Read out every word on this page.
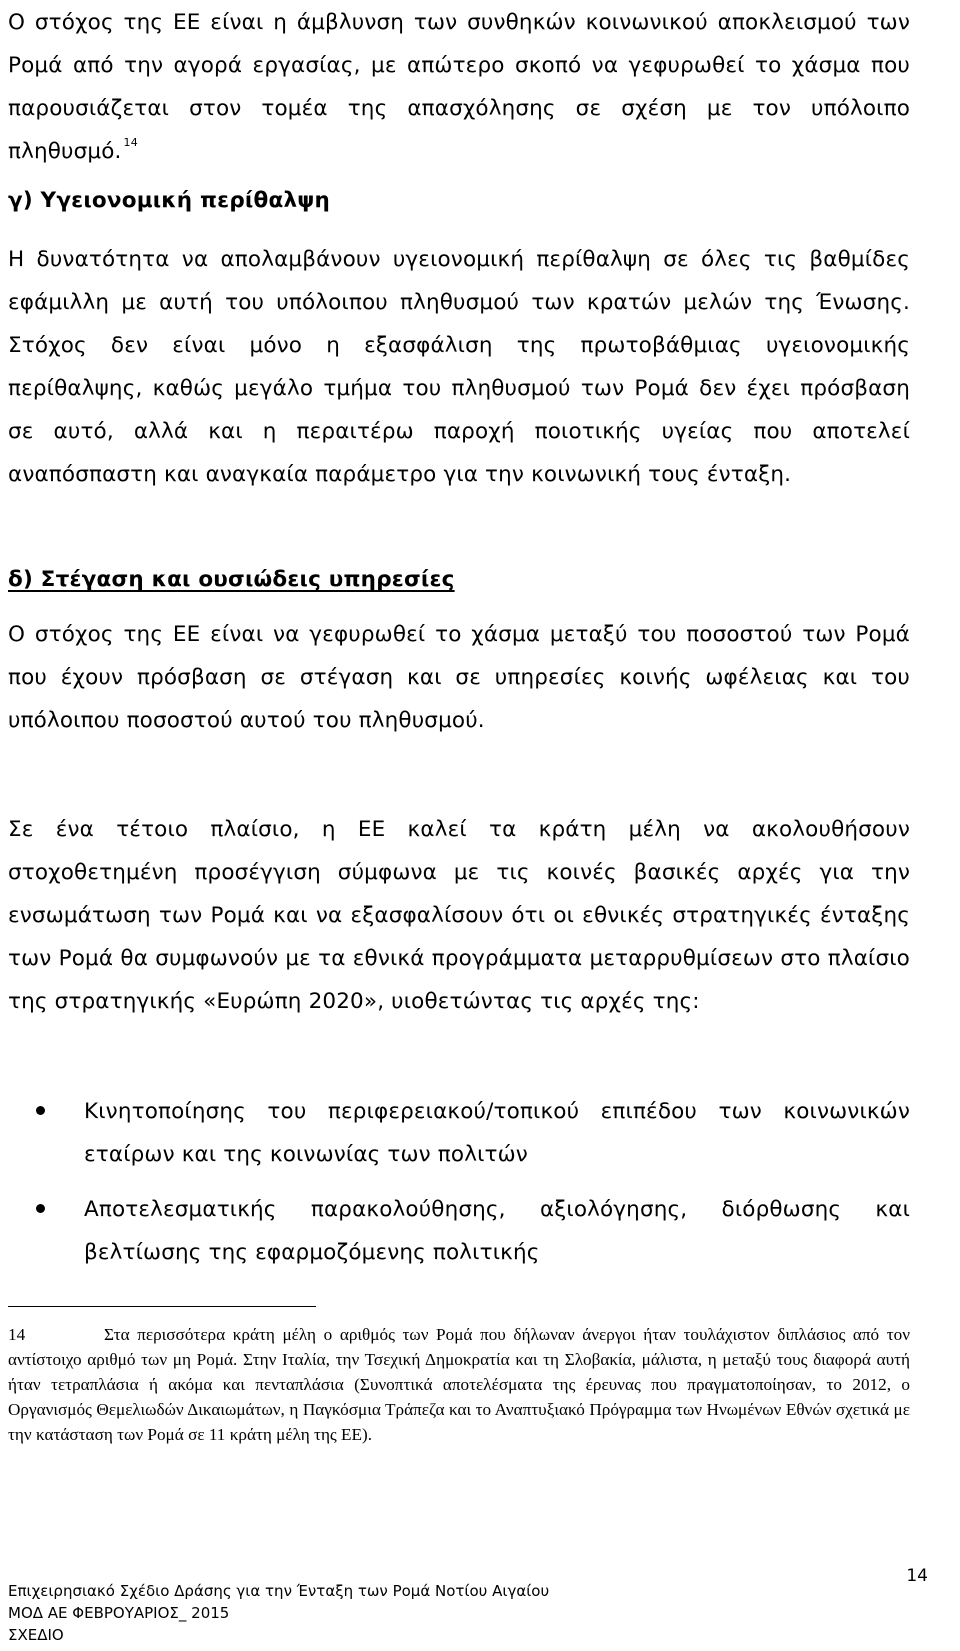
Ο στόχος της ΕΕ είναι η άμβλυνση των συνθηκών κοινωνικού αποκλεισμού των Ρομά από την αγορά εργασίας, με απώτερο σκοπό να γεφυρωθεί το χάσμα που παρουσιάζεται στον τομέα της απασχόλησης σε σχέση με τον υπόλοιπο πληθυσμό. $^{14}$

γ) Υγειονομική περίθαλψη

Η δυνατότητα να απολαμβάνουν υγειονομική περίθαλψη σε όλες τις βαθμίδες εφάμιλλη με αυτή του υπόλοιπου πληθυσμού των κρατών μελών της Ένωσης. Στόχος δεν είναι μόνο η εξασφάλιση της πρωτοβάθμιας υγειονομικής περίθαλψης, καθώς μεγάλο τμήμα του πληθυσμού των Ρομά δεν έχει πρόσβαση σε αυτό, αλλά και η περαιτέρω παροχή ποιοτικής υγείας που αποτελεί αναπόσπαστη και αναγκαία παράμετρο για την κοινωνική τους ένταξη.

δ) Στέγαση και ουσιώδεις υπηρεσίες

Ο στόχος της ΕΕ είναι να γεφυρωθεί το χάσμα μεταξύ του ποσοστού των Ρομά που έχουν πρόσβαση σε στέγαση και σε υπηρεσίες κοινής ωφέλειας και του υπόλοιπου ποσοστού αυτού του πληθυσμού.

Σε ένα τέτοιο πλαίσιο, η ΕΕ καλεί τα κράτη μέλη να ακολουθήσουν στοχοθετημένη προσέγγιση σύμφωνα με τις κοινές βασικές αρχές για την ενσωμάτωση των Ρομά και να εξασφαλίσουν ότι οι εθνικές στρατηγικές ένταξης των Ρομά θα συμφωνούν με τα εθνικά προγράμματα μεταρρυθμίσεων στο πλαίσιο της στρατηγικής «Ευρώπη 2020», υιοθετώντας τις αρχές της:

Κινητοποίησης του περιφερειακού/τοπικού επιπέδου των κοινωνικών εταίρων και της κοινωνίας των πολιτών

Αποτελεσματικής παρακολούθησης, αξιολόγησης, διόρθωσης και βελτίωσης της εφαρμοζόμενης πολιτικής

14	Στα περισσότερα κράτη μέλη ο αριθμός των Ρομά που δήλωναν άνεργοι ήταν τουλάχιστον διπλάσιος από τον αντίστοιχο αριθμό των μη Ρομά. Στην Ιταλία, την Τσεχική Δημοκρατία και τη Σλοβακία, μάλιστα, η μεταξύ τους διαφορά αυτή ήταν τετραπλάσια ή ακόμα και πενταπλάσια (Συνοπτικά αποτελέσματα της έρευνας που πραγματοποίησαν, το 2012, ο Οργανισμός Θεμελιωδών Δικαιωμάτων, η Παγκόσμια Τράπεζα και το Αναπτυξιακό Πρόγραμμα των Ηνωμένων Εθνών σχετικά με την κατάσταση των Ρομά σε 11 κράτη μέλη της ΕΕ).

14
Επιχειρησιακό Σχέδιο Δράσης για την Ένταξη των Ρομά Νοτίου Αιγαίου
ΜΟΔ ΑΕ ΦΕΒΡΟΥΑΡΙΟΣ_ 2015
ΣΧΕΔΙΟ
